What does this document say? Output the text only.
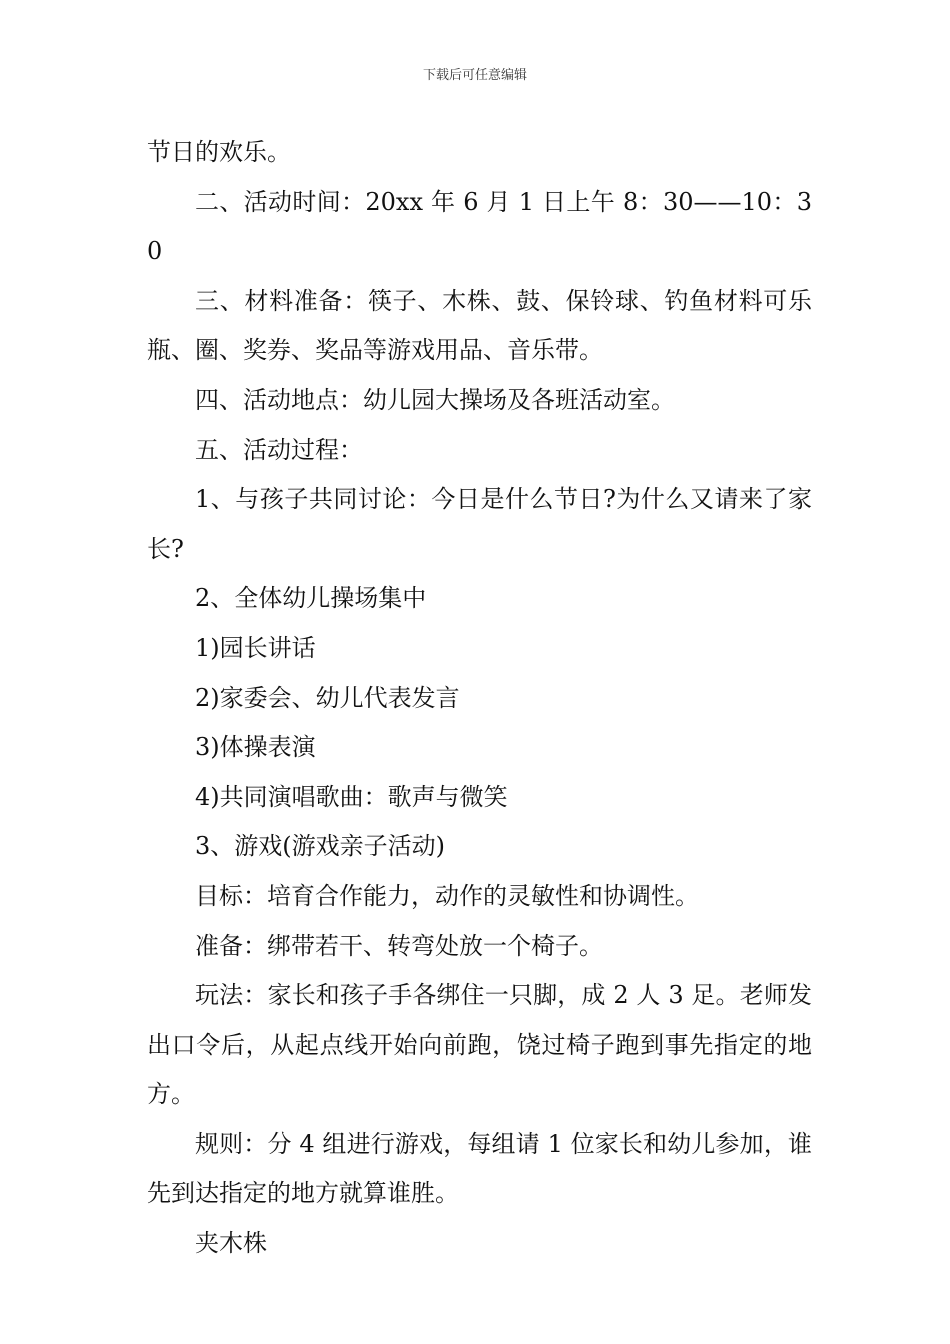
下载后可任意编辑

节日的欢乐。

二、活动时间：20xx 年 6 月 1 日上午 8：30——10：30

三、材料准备：筷子、木株、鼓、保铃球、钓鱼材料可乐瓶、圈、奖券、奖品等游戏用品、音乐带。

四、活动地点：幼儿园大操场及各班活动室。

五、活动过程：

1、与孩子共同讨论：今日是什么节日?为什么又请来了家长?

2、全体幼儿操场集中

1)园长讲话

2)家委会、幼儿代表发言

3)体操表演

4)共同演唱歌曲：歌声与微笑

3、游戏(游戏亲子活动)

目标：培育合作能力，动作的灵敏性和协调性。

准备：绑带若干、转弯处放一个椅子。

玩法：家长和孩子手各绑住一只脚，成 2 人 3 足。老师发出口令后，从起点线开始向前跑，饶过椅子跑到事先指定的地方。

规则：分 4 组进行游戏，每组请 1 位家长和幼儿参加，谁先到达指定的地方就算谁胜。

夹木株
